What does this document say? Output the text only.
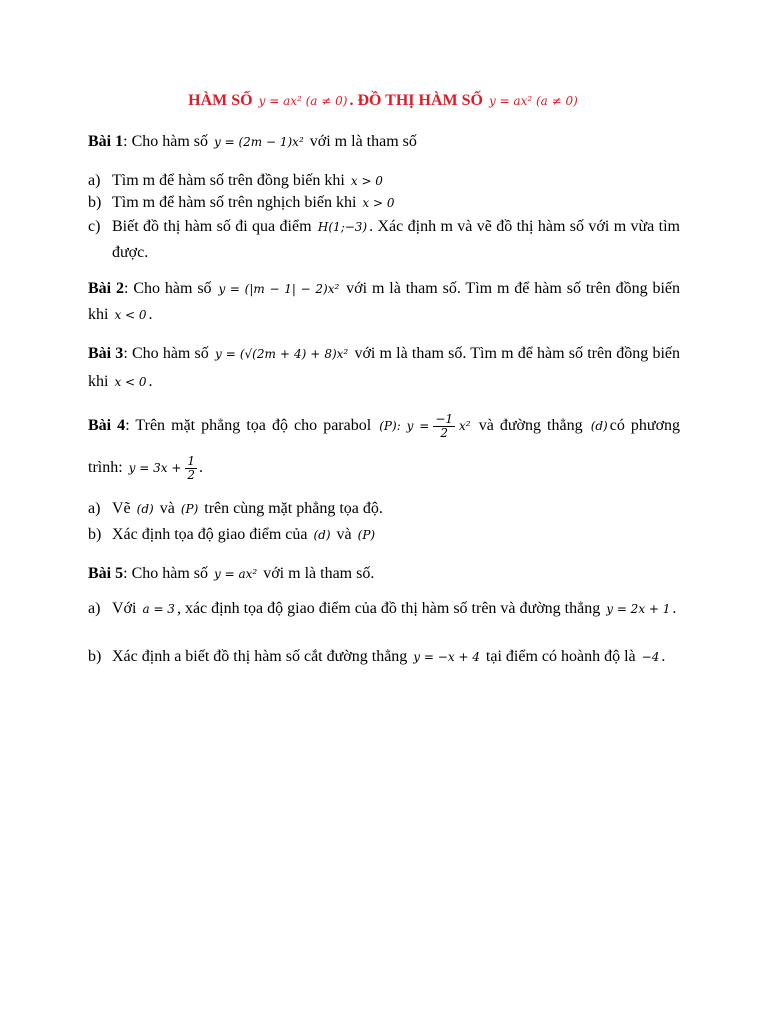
HÀM SỐ y = ax² (a ≠ 0) . ĐỒ THỊ HÀM SỐ y = ax² (a ≠ 0)
Bài 1: Cho hàm số y = (2m − 1)x² với m là tham số
a) Tìm m để hàm số trên đồng biến khi x > 0
b) Tìm m để hàm số trên nghịch biến khi x > 0
c) Biết đồ thị hàm số đi qua điểm H(1;−3) . Xác định m và vẽ đồ thị hàm số với m vừa tìm được.
Bài 2: Cho hàm số y = (|m − 1| − 2)x² với m là tham số. Tìm m để hàm số trên đồng biến khi x < 0 .
Bài 3: Cho hàm số y = (√(2m + 4) + 8)x² với m là tham số. Tìm m để hàm số trên đồng biến khi x < 0 .
Bài 4: Trên mặt phẳng tọa độ cho parabol (P): $y = \frac{-1}{2} x^2$ và đường thẳng (d) có phương trình: $y = 3x + \frac{1}{2}$ .
a) Vẽ (d) và (P) trên cùng mặt phẳng tọa độ.
b) Xác định tọa độ giao điểm của (d) và (P)
Bài 5: Cho hàm số y = ax² với m là tham số.
a) Với a = 3 , xác định tọa độ giao điểm của đồ thị hàm số trên và đường thẳng y = 2x + 1 .
b) Xác định a biết đồ thị hàm số cắt đường thẳng y = −x + 4 tại điểm có hoành độ là −4 .
